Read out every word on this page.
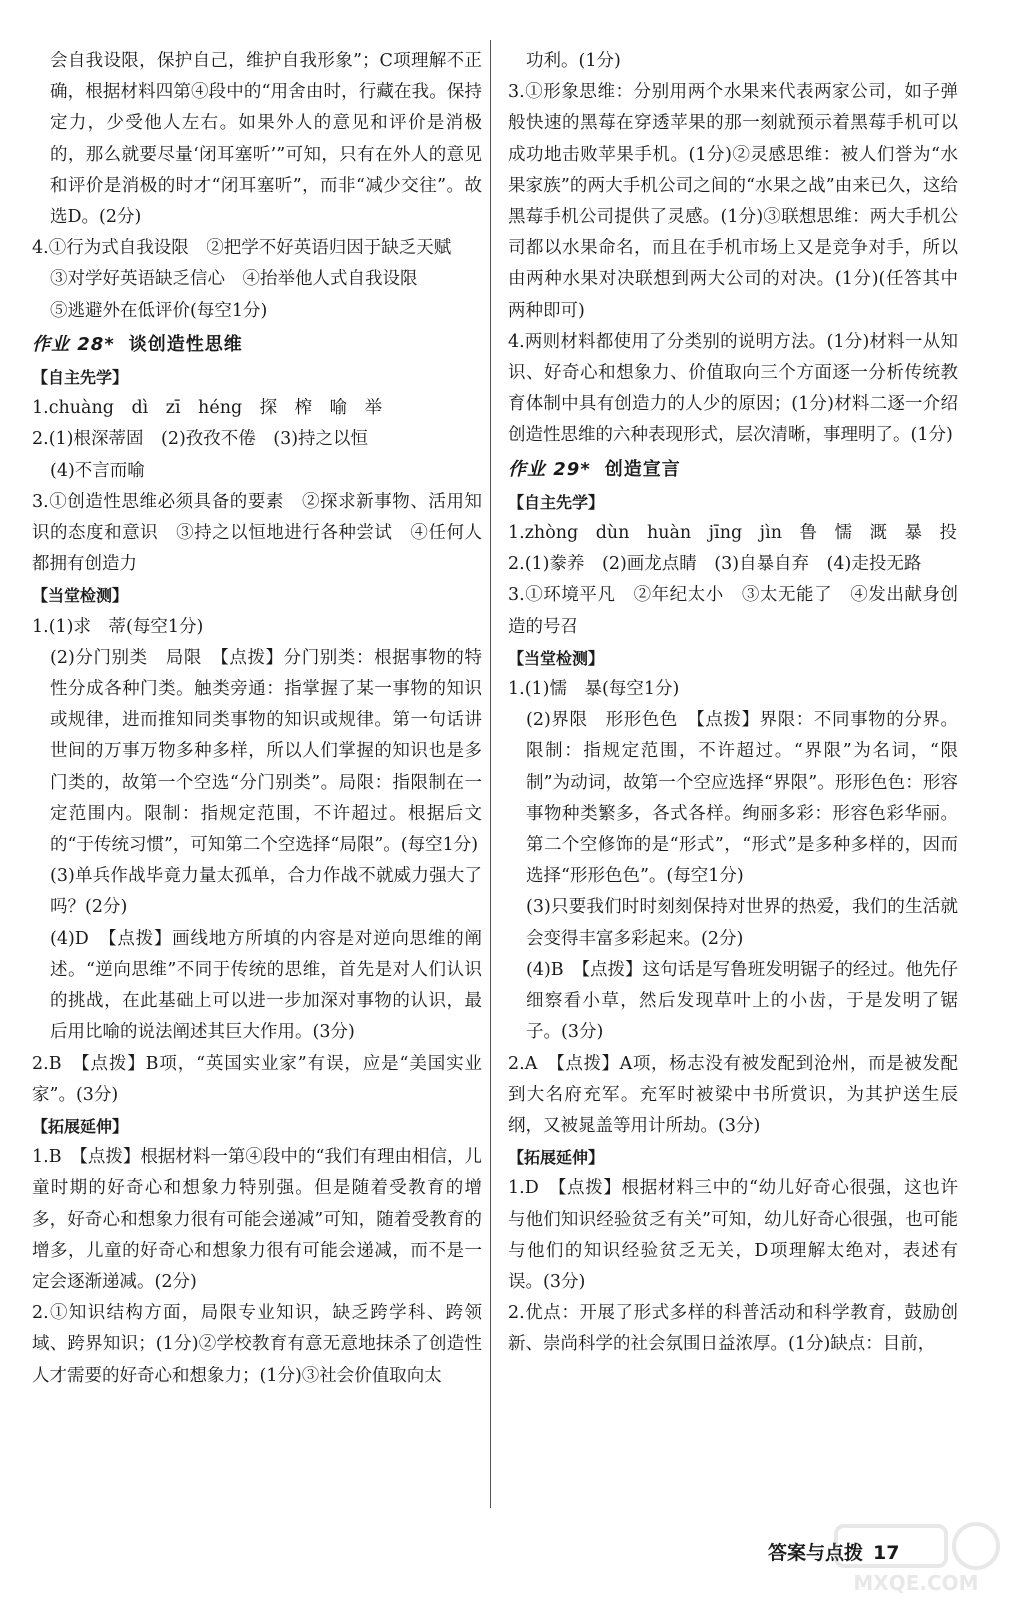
会自我设限，保护自己，维护自我形象”；C项理解不正确，根据材料四第④段中的“用舍由时，行藏在我。保持定力，少受他人左右。如果外人的意见和评价是消极的，那么就要尽量‘闭耳塞听’”可知，只有在外人的意见和评价是消极的时才“闭耳塞听”，而非“减少交往”。故选D。(2分)

4.①行为式自我设限　②把学不好英语归因于缺乏天赋

③对学好英语缺乏信心　④抬举他人式自我设限

⑤逃避外在低评价(每空1分)

作业 28* 谈创造性思维
【自主先学】

1.chuàng　dì　zī　héng　探　榨　喻　举

2.(1)根深蒂固　(2)孜孜不倦　(3)持之以恒

(4)不言而喻

3.①创造性思维必须具备的要素　②探求新事物、活用知识的态度和意识　③持之以恒地进行各种尝试　④任何人都拥有创造力

【当堂检测】

1.(1)求　蒂(每空1分)

(2)分门别类　局限　【点拨】分门别类：根据事物的特性分成各种门类。触类旁通：指掌握了某一事物的知识或规律，进而推知同类事物的知识或规律。第一句话讲世间的万事万物多种多样，所以人们掌握的知识也是多门类的，故第一个空选“分门别类”。局限：指限制在一定范围内。限制：指规定范围，不许超过。根据后文的“于传统习惯”，可知第二个空选择“局限”。(每空1分)

(3)单兵作战毕竟力量太孤单，合力作战不就威力强大了吗？(2分)

(4)D　【点拨】画线地方所填的内容是对逆向思维的阐述。“逆向思维”不同于传统的思维，首先是对人们认识的挑战，在此基础上可以进一步加深对事物的认识，最后用比喻的说法阐述其巨大作用。(3分)

2.B　【点拨】B项，“英国实业家”有误，应是“美国实业家”。(3分)

【拓展延伸】

1.B　【点拨】根据材料一第④段中的“我们有理由相信，儿童时期的好奇心和想象力特别强。但是随着受教育的增多，好奇心和想象力很有可能会递减”可知，随着受教育的增多，儿童的好奇心和想象力很有可能会递减，而不是一定会逐渐递减。(2分)

2.①知识结构方面，局限专业知识，缺乏跨学科、跨领域、跨界知识；(1分)②学校教育有意无意地抹杀了创造性人才需要的好奇心和想象力；(1分)③社会价值取向太

功利。(1分)

3.①形象思维：分别用两个水果来代表两家公司，如子弹般快速的黑莓在穿透苹果的那一刻就预示着黑莓手机可以成功地击败苹果手机。(1分)②灵感思维：被人们誉为“水果家族”的两大手机公司之间的“水果之战”由来已久，这给黑莓手机公司提供了灵感。(1分)③联想思维：两大手机公司都以水果命名，而且在手机市场上又是竞争对手，所以由两种水果对决联想到两大公司的对决。(1分)(任答其中两种即可)

4.两则材料都使用了分类别的说明方法。(1分)材料一从知识、好奇心和想象力、价值取向三个方面逐一分析传统教育体制中具有创造力的人少的原因；(1分)材料二逐一介绍创造性思维的六种表现形式，层次清晰，事理明了。(1分)

作业 29* 创造宣言
【自主先学】

1.zhòng　dùn　huàn　jīng　jìn　鲁　懦　溉　暴　投

2.(1)豢养　(2)画龙点睛　(3)自暴自弃　(4)走投无路

3.①环境平凡　②年纪太小　③太无能了　④发出献身创造的号召

【当堂检测】

1.(1)懦　暴(每空1分)

(2)界限　形形色色　【点拨】界限：不同事物的分界。限制：指规定范围，不许超过。“界限”为名词，“限制”为动词，故第一个空应选择“界限”。形形色色：形容事物种类繁多，各式各样。绚丽多彩：形容色彩华丽。第二个空修饰的是“形式”，“形式”是多种多样的，因而选择“形形色色”。(每空1分)

(3)只要我们时时刻刻保持对世界的热爱，我们的生活就会变得丰富多彩起来。(2分)

(4)B　【点拨】这句话是写鲁班发明锯子的经过。他先仔细察看小草，然后发现草叶上的小齿，于是发明了锯子。(3分)

2.A　【点拨】A项，杨志没有被发配到沧州，而是被发配到大名府充军。充军时被梁中书所赏识，为其护送生辰纲，又被晁盖等用计所劫。(3分)

【拓展延伸】

1.D　【点拨】根据材料三中的“幼儿好奇心很强，这也许与他们知识经验贫乏有关”可知，幼儿好奇心很强，也可能与他们的知识经验贫乏无关，D项理解太绝对，表述有误。(3分)

2.优点：开展了形式多样的科普活动和科学教育，鼓励创新、崇尚科学的社会氛围日益浓厚。(1分)缺点：目前，

答案与点拨 17
MXQE.COM
